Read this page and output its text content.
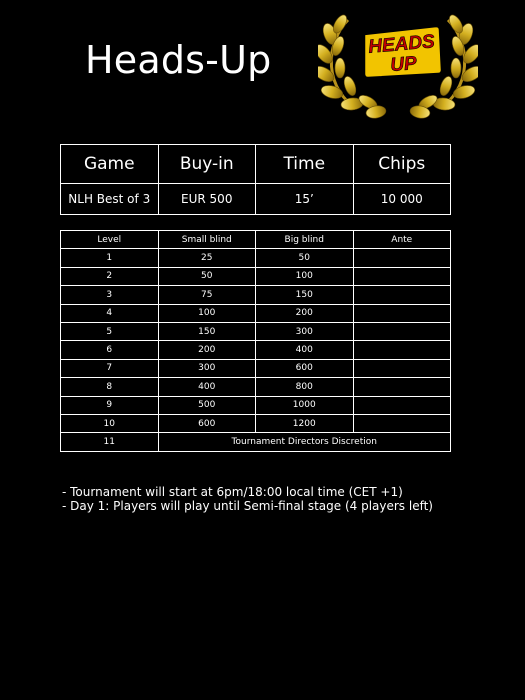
Heads-Up	HEADS
UP
Game	Buy-in	Time	Chips
NLH Best of 3	EUR 500	15’	10 000
Level	Small blind	Big blind	Ante
1	25	50	
2	50	100	
3	75	150	
4	100	200	
5	150	300	
6	200	400	
7	300	600	
8	400	800	
9	500	1000	
10	600	1200	
11	Tournament Directors Discretion		
- Tournament will start at 6pm/18:00 local time (CET +1)
- Day 1: Players will play until Semi-final stage (4 players left)
